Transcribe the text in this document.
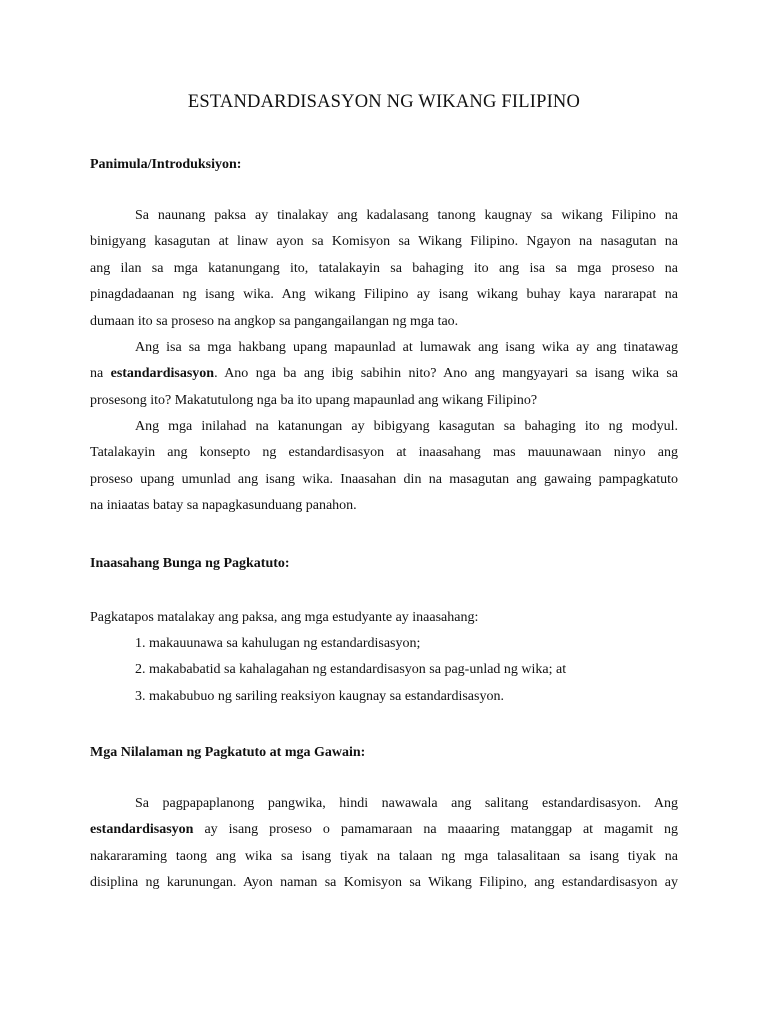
ESTANDARDISASYON NG WIKANG FILIPINO

Panimula/Introduksiyon:

Sa naunang paksa ay tinalakay ang kadalasang tanong kaugnay sa wikang Filipino na
binigyang kasagutan at linaw ayon sa Komisyon sa Wikang Filipino. Ngayon na nasagutan na
ang ilan sa mga katanungang ito, tatalakayin sa bahaging ito ang isa sa mga proseso na
pinagdadaanan ng isang wika. Ang wikang Filipino ay isang wikang buhay kaya nararapat na
dumaan ito sa proseso na angkop sa pangangailangan ng mga tao.
Ang isa sa mga hakbang upang mapaunlad at lumawak ang isang wika ay ang tinatawag
na estandardisasyon. Ano nga ba ang ibig sabihin nito? Ano ang mangyayari sa isang wika sa
prosesong ito? Makatutulong nga ba ito upang mapaunlad ang wikang Filipino?
Ang mga inilahad na katanungan ay bibigyang kasagutan sa bahaging ito ng modyul.
Tatalakayin ang konsepto ng estandardisasyon at inaasahang mas mauunawaan ninyo ang
proseso upang umunlad ang isang wika. Inaasahan din na masagutan ang gawaing pampagkatuto
na iniaatas batay sa napagkasunduang panahon.

Inaasahang Bunga ng Pagkatuto:

Pagkatapos matalakay ang paksa, ang mga estudyante ay inaasahang:

1. makauunawa sa kahulugan ng estandardisasyon;

2. makababatid sa kahalagahan ng estandardisasyon sa pag-unlad ng wika; at

3. makabubuo ng sariling reaksiyon kaugnay sa estandardisasyon.

Mga Nilalaman ng Pagkatuto at mga Gawain:

Sa pagpapaplanong pangwika, hindi nawawala ang salitang estandardisasyon. Ang
estandardisasyon ay isang proseso o pamamaraan na maaaring matanggap at magamit ng
nakararaming taong ang wika sa isang tiyak na talaan ng mga talasalitaan sa isang tiyak na
disiplina ng karunungan. Ayon naman sa Komisyon sa Wikang Filipino, ang estandardisasyon ay
